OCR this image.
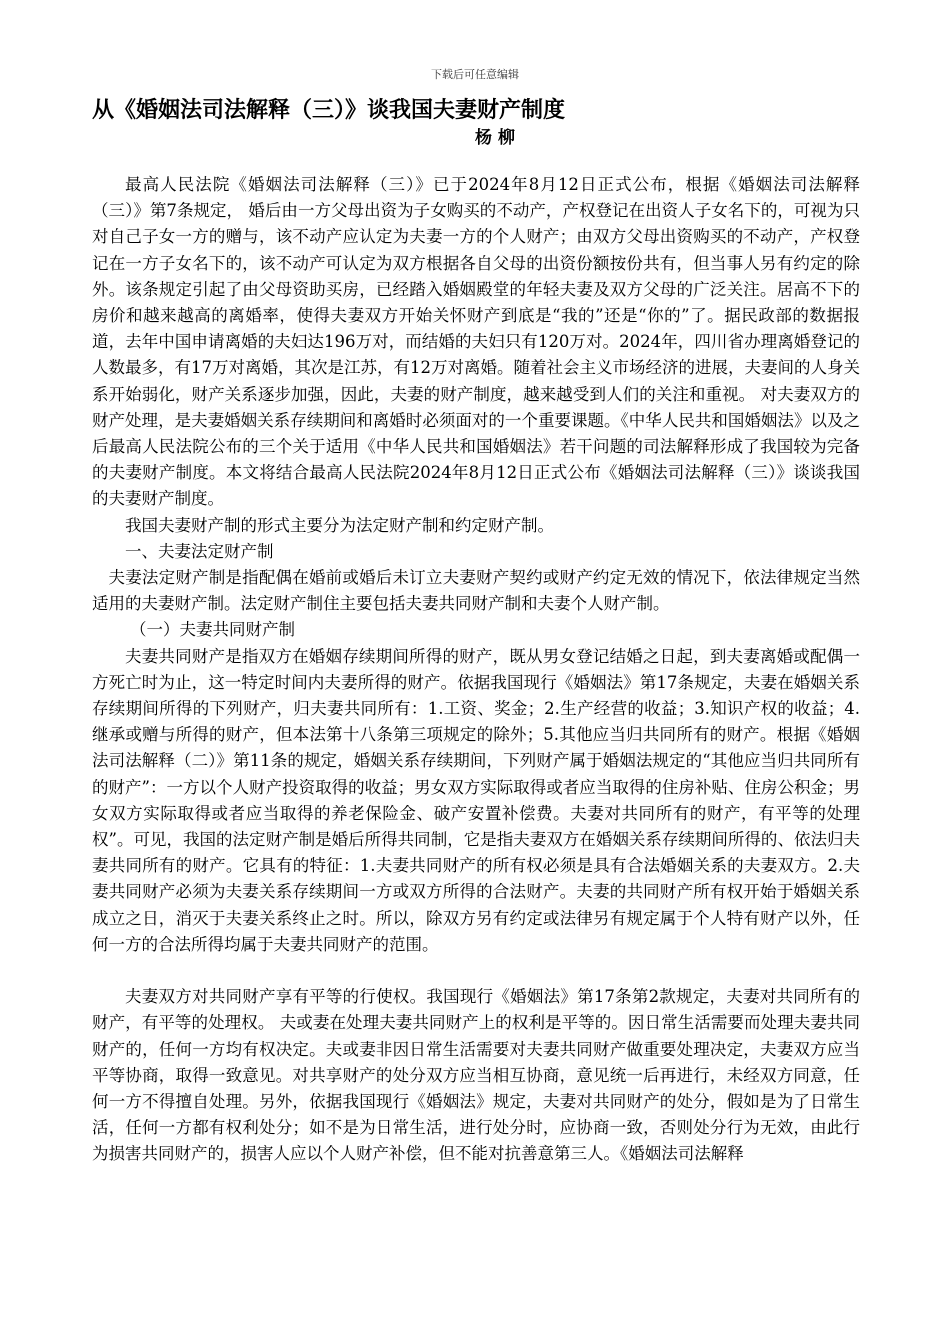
下载后可任意编辑
从《婚姻法司法解释（三）》谈我国夫妻财产制度
杨 柳

最高人民法院《婚姻法司法解释（三）》已于2024年8月12日正式公布，根据《婚姻法司法解释（三）》第7条规定， 婚后由一方父母出资为子女购买的不动产，产权登记在出资人子女名下的，可视为只对自己子女一方的赠与，该不动产应认定为夫妻一方的个人财产；由双方父母出资购买的不动产，产权登记在一方子女名下的，该不动产可认定为双方根据各自父母的出资份额按份共有，但当事人另有约定的除外。该条规定引起了由父母资助买房，已经踏入婚姻殿堂的年轻夫妻及双方父母的广泛关注。居高不下的房价和越来越高的离婚率，使得夫妻双方开始关怀财产到底是“我的”还是“你的”了。据民政部的数据报道，去年中国申请离婚的夫妇达196万对，而结婚的夫妇只有120万对。2024年，四川省办理离婚登记的人数最多，有17万对离婚，其次是江苏，有12万对离婚。随着社会主义市场经济的进展，夫妻间的人身关系开始弱化，财产关系逐步加强，因此，夫妻的财产制度，越来越受到人们的关注和重视。 对夫妻双方的财产处理，是夫妻婚姻关系存续期间和离婚时必须面对的一个重要课题。《中华人民共和国婚姻法》以及之后最高人民法院公布的三个关于适用《中华人民共和国婚姻法》若干问题的司法解释形成了我国较为完备的夫妻财产制度。本文将结合最高人民法院2024年8月12日正式公布《婚姻法司法解释（三）》谈谈我国的夫妻财产制度。

我国夫妻财产制的形式主要分为法定财产制和约定财产制。

一、夫妻法定财产制

夫妻法定财产制是指配偶在婚前或婚后未订立夫妻财产契约或财产约定无效的情况下，依法律规定当然适用的夫妻财产制。法定财产制住主要包括夫妻共同财产制和夫妻个人财产制。

（一）夫妻共同财产制

夫妻共同财产是指双方在婚姻存续期间所得的财产，既从男女登记结婚之日起，到夫妻离婚或配偶一方死亡时为止，这一特定时间内夫妻所得的财产。依据我国现行《婚姻法》第17条规定，夫妻在婚姻关系存续期间所得的下列财产，归夫妻共同所有：1.工资、奖金；2.生产经营的收益；3.知识产权的收益；4.继承或赠与所得的财产，但本法第十八条第三项规定的除外；5.其他应当归共同所有的财产。根据《婚姻法司法解释（二）》第11条的规定，婚姻关系存续期间，下列财产属于婚姻法规定的“其他应当归共同所有的财产”：一方以个人财产投资取得的收益；男女双方实际取得或者应当取得的住房补贴、住房公积金；男女双方实际取得或者应当取得的养老保险金、破产安置补偿费。夫妻对共同所有的财产，有平等的处理权”。可见，我国的法定财产制是婚后所得共同制，它是指夫妻双方在婚姻关系存续期间所得的、依法归夫妻共同所有的财产。它具有的特征：1.夫妻共同财产的所有权必须是具有合法婚姻关系的夫妻双方。2.夫妻共同财产必须为夫妻关系存续期间一方或双方所得的合法财产。夫妻的共同财产所有权开始于婚姻关系成立之日，消灭于夫妻关系终止之时。所以，除双方另有约定或法律另有规定属于个人特有财产以外，任何一方的合法所得均属于夫妻共同财产的范围。

夫妻双方对共同财产享有平等的行使权。我国现行《婚姻法》第17条第2款规定，夫妻对共同所有的财产，有平等的处理权。 夫或妻在处理夫妻共同财产上的权利是平等的。因日常生活需要而处理夫妻共同财产的，任何一方均有权决定。夫或妻非因日常生活需要对夫妻共同财产做重要处理决定，夫妻双方应当平等协商，取得一致意见。对共享财产的处分双方应当相互协商，意见统一后再进行，未经双方同意，任何一方不得擅自处理。另外，依据我国现行《婚姻法》规定，夫妻对共同财产的处分，假如是为了日常生活，任何一方都有权利处分；如不是为日常生活，进行处分时，应协商一致，否则处分行为无效，由此行为损害共同财产的，损害人应以个人财产补偿，但不能对抗善意第三人。《婚姻法司法解释
